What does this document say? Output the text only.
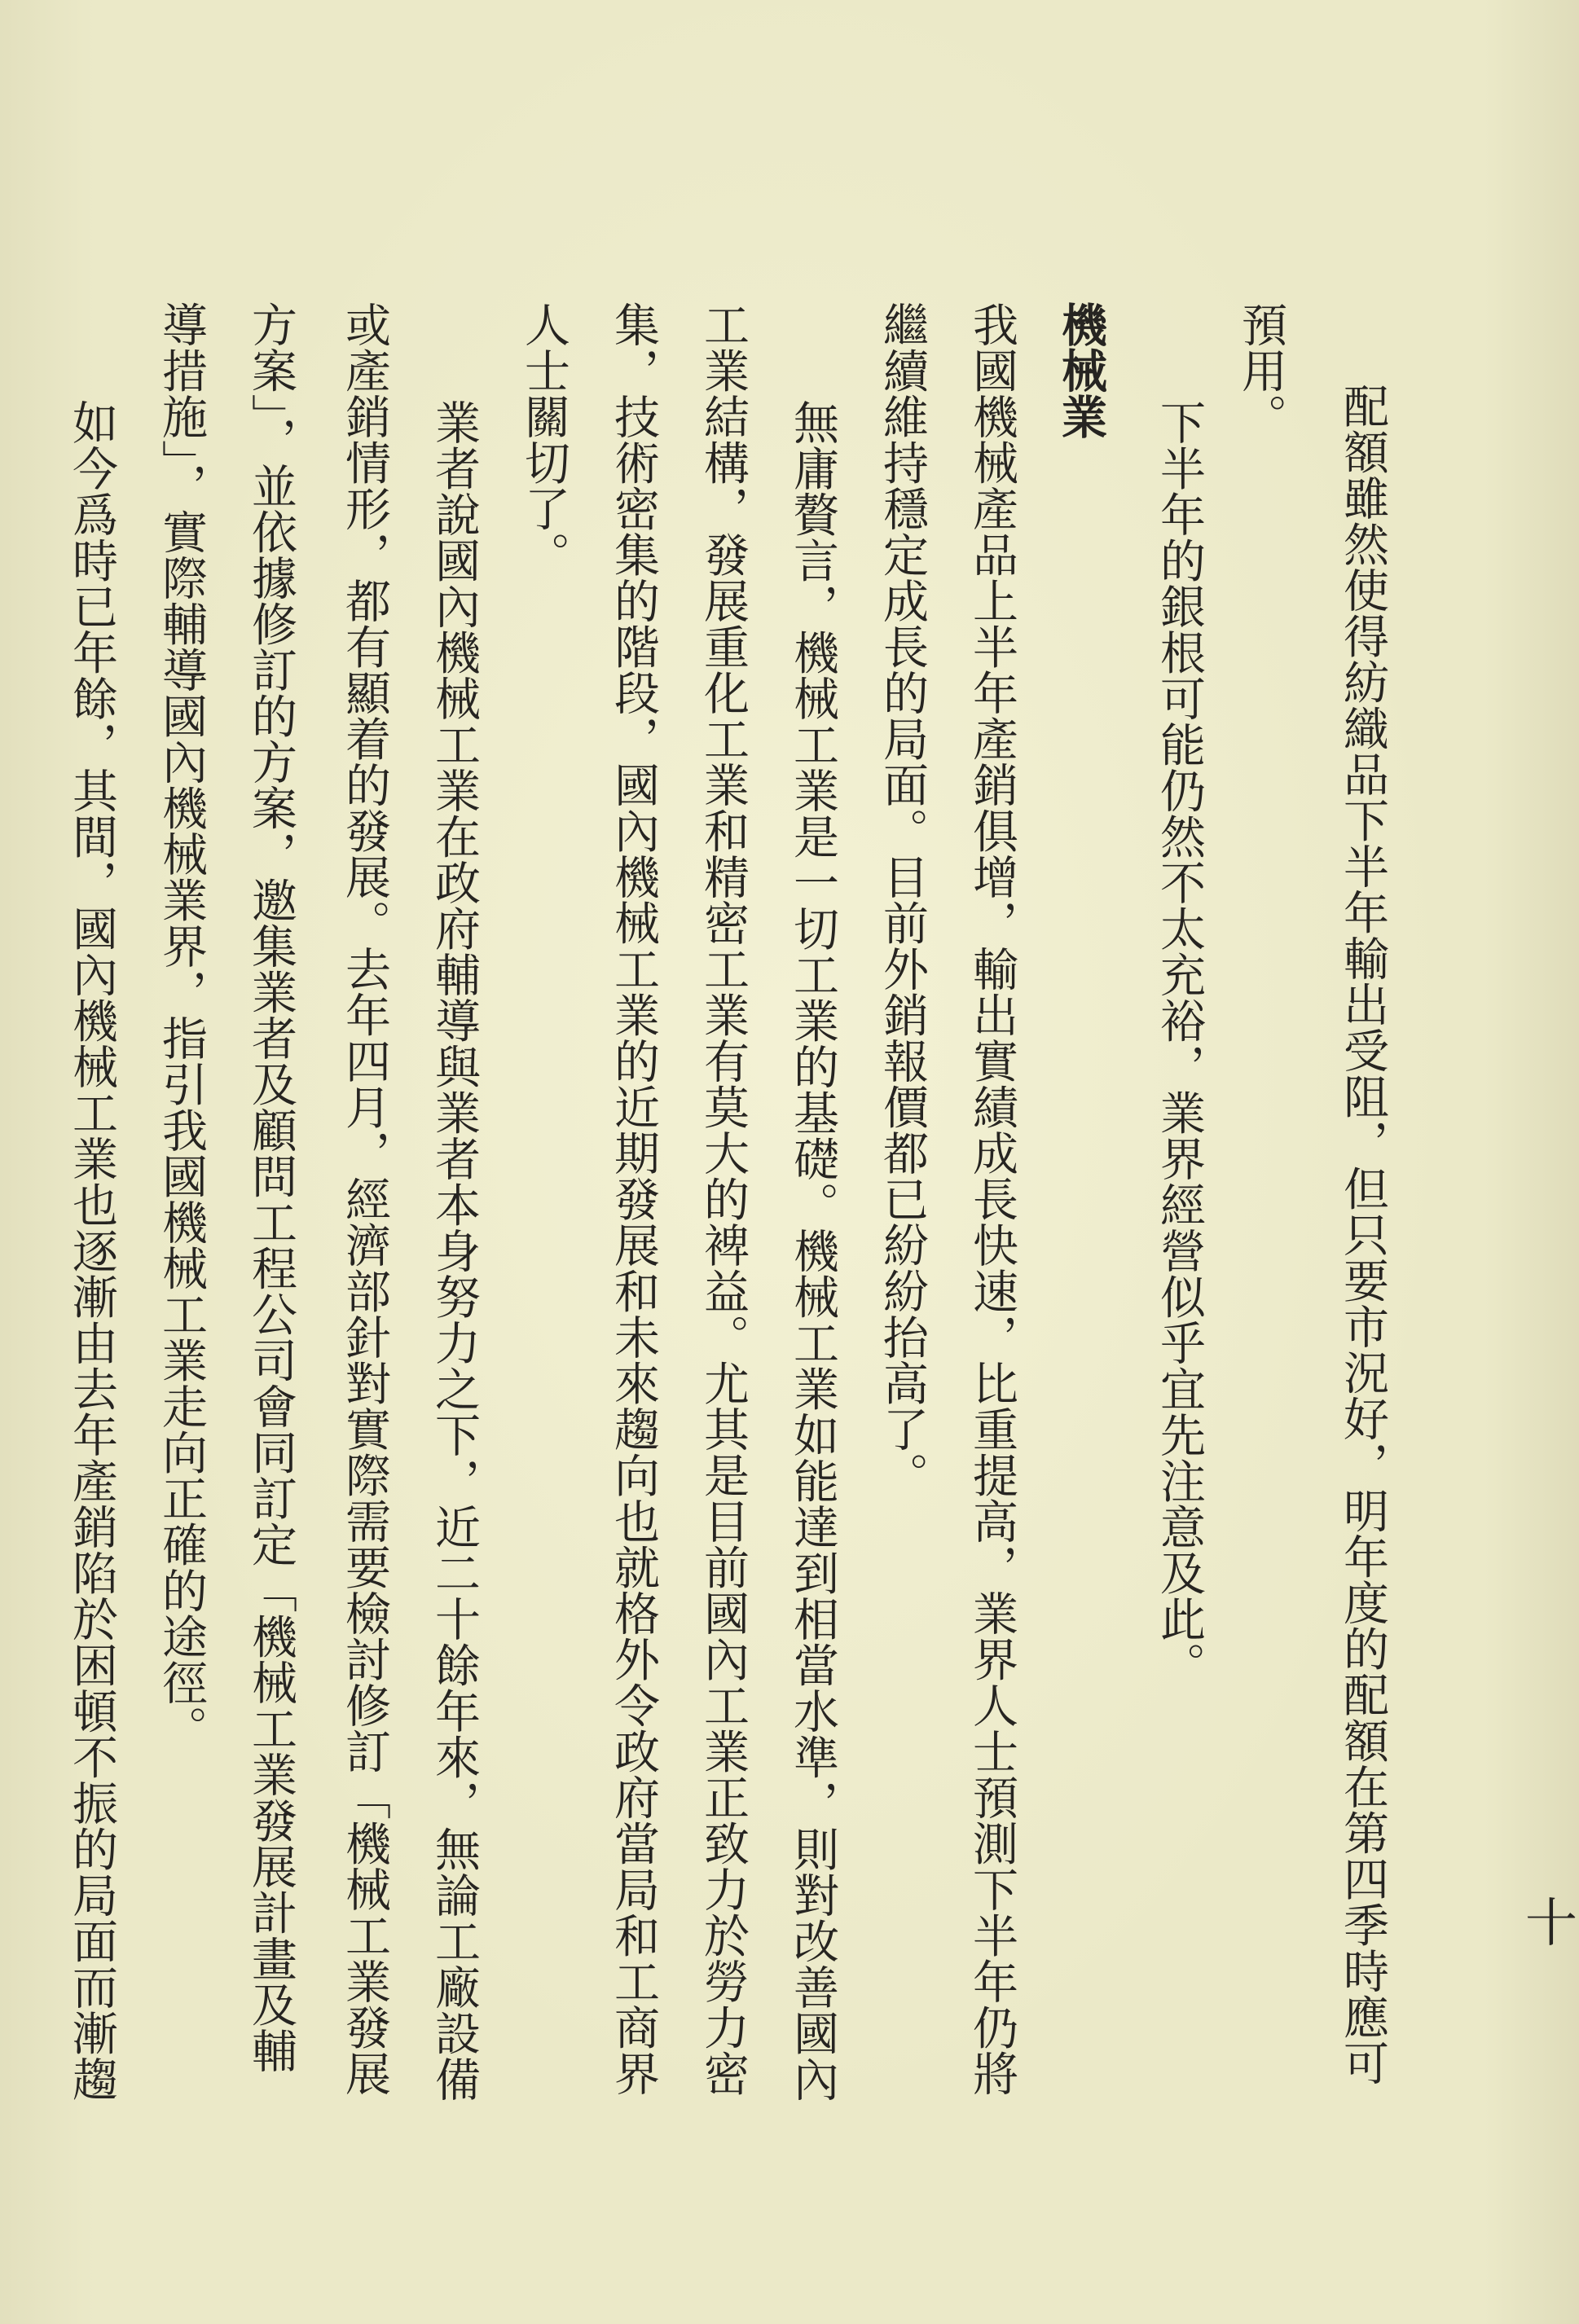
配額雖然使得紡織品下半年輸出受阻，但只要市況好，明年度的配額在第四季時應可
預用。
下半年的銀根可能仍然不太充裕，業界經營似乎宜先注意及此。
機械業
我國機械產品上半年產銷俱增，輸出實績成長快速，比重提高，業界人士預測下半年仍將
繼續維持穩定成長的局面。目前外銷報價都已紛紛抬高了。
無庸贅言，機械工業是一切工業的基礎。機械工業如能達到相當水準，則對改善國內
工業結構，發展重化工業和精密工業有莫大的裨益。尤其是目前國內工業正致力於勞力密
集，技術密集的階段，國內機械工業的近期發展和未來趨向也就格外令政府當局和工商界
人士關切了。
業者說國內機械工業在政府輔導與業者本身努力之下，近二十餘年來，無論工廠設備
或產銷情形，都有顯着的發展。去年四月，經濟部針對實際需要檢討修訂「機械工業發展
方案」，並依據修訂的方案，邀集業者及顧問工程公司會同訂定「機械工業發展計畫及輔
導措施」，實際輔導國內機械業界，指引我國機械工業走向正確的途徑。
如今爲時已年餘，其間，國內機械工業也逐漸由去年產銷陷於困頓不振的局面而漸趨	十
